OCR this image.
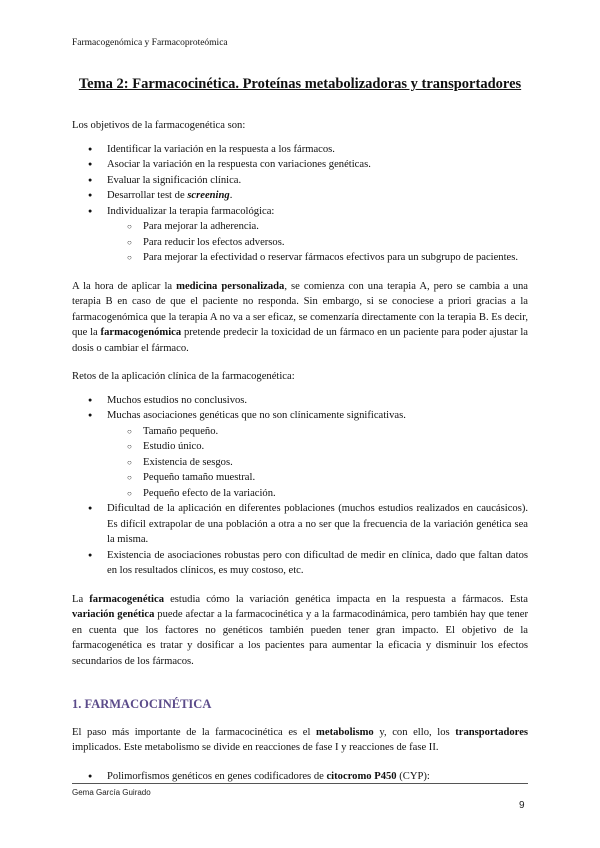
Farmacogenómica y Farmacoproteómica
Tema 2: Farmacocinética. Proteínas metabolizadoras y transportadores

Los objetivos de la farmacogenética son:

● Identificar la variación en la respuesta a los fármacos.
● Asociar la variación en la respuesta con variaciones genéticas.
● Evaluar la significación clínica.
● Desarrollar test de screening.
● Individualizar la terapia farmacológica:
○ Para mejorar la adherencia.
○ Para reducir los efectos adversos.
○ Para mejorar la efectividad o reservar fármacos efectivos para un subgrupo de pacientes.

A la hora de aplicar la medicina personalizada, se comienza con una terapia A, pero se cambia a una terapia B en caso de que el paciente no responda. Sin embargo, si se conociese a priori gracias a la farmacogenómica que la terapia A no va a ser eficaz, se comenzaría directamente con la terapia B. Es decir, que la farmacogenómica pretende predecir la toxicidad de un fármaco en un paciente para poder ajustar la dosis o cambiar el fármaco.

Retos de la aplicación clínica de la farmacogenética:

● Muchos estudios no conclusivos.
● Muchas asociaciones genéticas que no son clínicamente significativas.
○ Tamaño pequeño.
○ Estudio único.
○ Existencia de sesgos.
○ Pequeño tamaño muestral.
○ Pequeño efecto de la variación.
● Dificultad de la aplicación en diferentes poblaciones (muchos estudios realizados en caucásicos). Es difícil extrapolar de una población a otra a no ser que la frecuencia de la variación genética sea la misma.
● Existencia de asociaciones robustas pero con dificultad de medir en clínica, dado que faltan datos en los resultados clínicos, es muy costoso, etc.

La farmacogenética estudia cómo la variación genética impacta en la respuesta a fármacos. Esta variación genética puede afectar a la farmacocinética y a la farmacodinámica, pero también hay que tener en cuenta que los factores no genéticos también pueden tener gran impacto. El objetivo de la farmacogenética es tratar y dosificar a los pacientes para aumentar la eficacia y disminuir los efectos secundarios de los fármacos.

1. FARMACOCINÉTICA

El paso más importante de la farmacocinética es el metabolismo y, con ello, los transportadores implicados. Este metabolismo se divide en reacciones de fase I y reacciones de fase II.

● Polimorfismos genéticos en genes codificadores de citocromo P450 (CYP):
Gema García Guirado
9
